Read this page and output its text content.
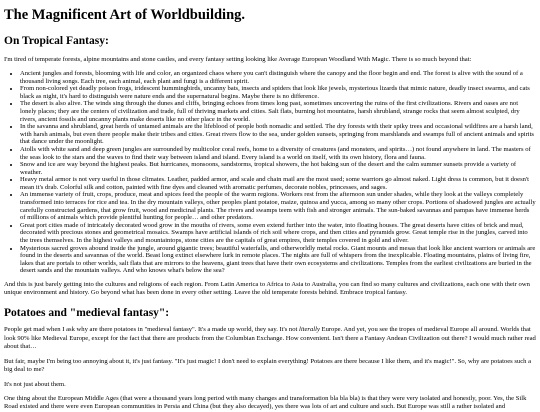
The Magnificent Art of Worldbuilding.
On Tropical Fantasy:

I'm tired of temperate forests, alpine mountains and stone castles, and every fantasy setting looking like Average European Woodland With Magic. There is so much beyond that:

• Ancient jungles and forests, blooming with life and color, an organized chaos where you can't distinguish where the canopy and the floor begin and end. The forest is alive with the sound of a thousand living songs. Each tree, each animal, each plant and fungi is a different spirit.
• From non-colored yet deadly poison frogs, iridescent hummingbirds, uncanny bats, insects and spiders that look like jewels, mysterious lizards that mimic nature, deadly insect swarms, and cats black as night, it's hard to distinguish were nature ends and the supernatural begins. Maybe there is no difference.
• The desert is also alive. The winds sing through the dunes and cliffs, bringing echoes from times long past, sometimes uncovering the ruins of the first civilizations. Rivers and oases are not lonely places; they are the centers of civilization and trade, full of thriving markets and cities. Salt flats, burning hot mountains, harsh shrubland, strange rocks that seem almost sculpted, dry rivers, ancient fossils and uncanny plants make deserts like no other place in the world.
• In the savanna and shrubland, great herds of untamed animals are the lifeblood of people both nomadic and settled. The dry forests with their spiky trees and occasional wildfires are a harsh land, with harsh animals, but even there people make their tribes and cities. Great rivers flow to the sea, under golden sunsets, springing from marshlands and swamps full of ancient animals and spirits that dance under the moonlight.
• Atolls with white sand and deep green jungles are surrounded by multicolor coral reefs, home to a diversity of creatures (and monsters, and spirits…) not found anywhere in land. The masters of the seas look to the stars and the waves to find their way between island and island. Every island is a world on itself, with its own history, flora and fauna.
• Snow and ice are way beyond the highest peaks. But hurricanes, monsoons, sandstorms, tropical showers, the hot baking sun of the desert and the calm summer sunsets provide a variety of weather.
• Heavy metal armor is not very useful in those climates. Leather, padded armor, and scale and chain mail are the most used; some warriors go almost naked. Light dress is common, but it doesn't mean it's drab. Colorful silk and cotton, painted with fine dyes and cleaned with aromatic perfumes, decorate nobles, princesses, and sages.
• An immense variety of fruit, crops, produce, meat and spices feed the people of the warm regions. Workers rest from the afternoon sun under shades, while they look at the valleys completely transformed into terraces for rice and tea. In the dry mountain valleys, other peoples plant potatoe, maize, quinoa and yucca, among so many other crops. Portions of shadowed jungles are actually carefully constructed gardens, that grow fruit, wood and medicinal plants. The rivers and swamps teem with fish and stronger animals. The sun-baked savannas and pampas have immense herds of millions of animals which provide plentiful hunting for people… and other predators.
• Great port cities made of intricately decorated wood grow in the mouths of rivers, some even extend further into the water, into floating houses. The great deserts have cities of brick and mud, decorated with precious stones and geometrical mosaics. Swamps have artificial islands of rich soil where crops, and then cities and pyramids grow. Great temple rise in the jungles, carved into the trees themselves. In the highest valleys and mountaintops, stone cities are the capitals of great empires, their temples covered in gold and silver.
• Mysterious sacred groves abound inside the jungle, around gigantic trees; beautiful waterfalls, and otherworldly metal rocks. Giant mounts and mesas that look like ancient warriors or animals are found in the deserts and savannas of the world. Beast long extinct elsewhere lurk in remote places. The nights are full of whispers from the inexplicable. Floating mountains, plains of living fire, lakes that are portals to other worlds, salt flats that are mirrors to the heavens, giant trees that have their own ecosystems and civilizations. Temples from the earliest civilizations are buried in the desert sands and the mountain valleys. And who knows what's below the sea?

And this is just barely getting into the cultures and religions of each region. From Latin America to Africa to Asia to Australia, you can find so many cultures and civilizations, each one with their own unique environment and history. Go beyond what has been done in every other setting. Leave the old temperate forests behind. Embrace tropical fantasy.

Potatoes and "medieval fantasy":

People get mad when I ask why are there potatoes in "medieval fantasy". It's a made up world, they say. It's not literally Europe. And yet, you see the tropes of medieval Europe all around. Worlds that look 90% like Medieval Europe, except for the fact that there are products from the Columbian Exchange. How convenient. Isn't there a Fantasy Andean Civilization out there? I would much rather read about that…

But fair, maybe I'm being too annoying about it, it's just fantasy. "It's just magic! I don't need to explain everything! Potatoes are there because I like them, and it's magic!". So, why are potatoes such a big deal to me?

It's not just about them.

One thing about the European Middle Ages (that were a thousand years long period with many changes and transformation bla bla bla) is that they were very isolated and honestly, poor. Yes, the Silk Road existed and there were even European communities in Persia and China (but they also decayed), yes there was lots of art and culture and such. But Europe was still a rather isolated and
